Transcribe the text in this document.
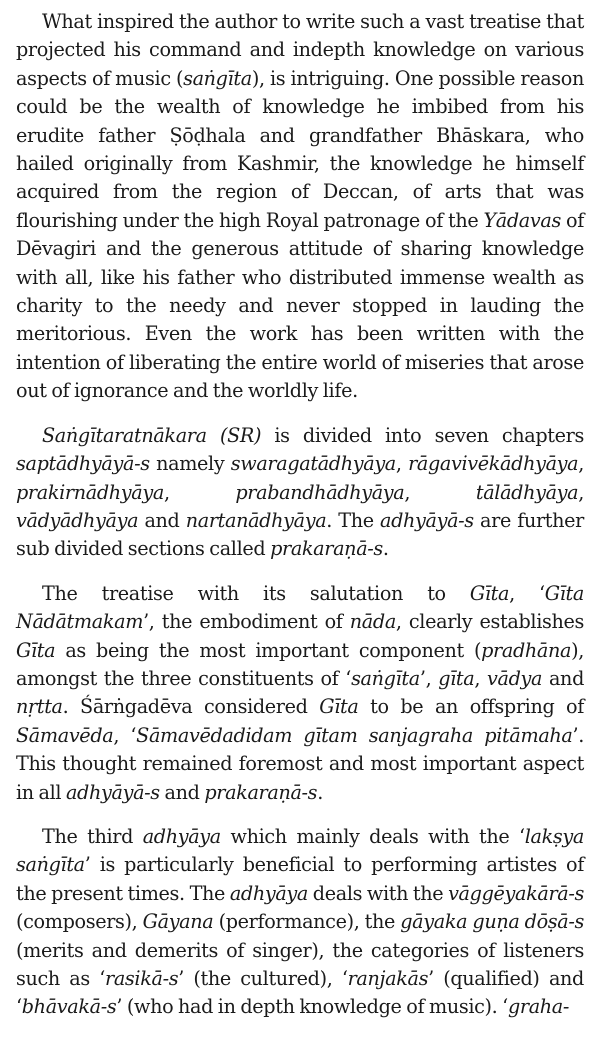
What inspired the author to write such a vast treatise that projected his command and indepth knowledge on various aspects of music (saṅgīta), is intriguing. One possible reason could be the wealth of knowledge he imbibed from his erudite father Ṣōḍhala and grandfather Bhāskara, who hailed originally from Kashmir, the knowledge he himself acquired from the region of Deccan, of arts that was flourishing under the high Royal patronage of the Yādavas of Dēvagiri and the generous attitude of sharing knowledge with all, like his father who distributed immense wealth as charity to the needy and never stopped in lauding the meritorious. Even the work has been written with the intention of liberating the entire world of miseries that arose out of ignorance and the worldly life.

Saṅgītaratnākara (SR) is divided into seven chapters saptādhyāyā-s namely swaragatādhyāya, rāgavivēkādhyāya, prakirnādhyāya, prabandhādhyāya, tālādhyāya, vādyādhyāya and nartanādhyāya. The adhyāyā-s are further sub divided sections called prakaraṇā-s.

The treatise with its salutation to Gīta, ‘Gīta Nādātmakam’, the embodiment of nāda, clearly establishes Gīta as being the most important component (pradhāna), amongst the three constituents of ‘saṅgīta’, gīta, vādya and nṛtta. Śārṅgadēva considered Gīta to be an offspring of Sāmavēda, ‘Sāmavēdadidam gītam sanjagraha pitāmaha’. This thought remained foremost and most important aspect in all adhyāyā-s and prakaraṇā-s.

The third adhyāya which mainly deals with the ‘lakṣya saṅgīta’ is particularly beneficial to performing artistes of the present times. The adhyāya deals with the vāggēyakārā-s (composers), Gāyana (performance), the gāyaka guṇa dōṣā-s (merits and demerits of singer), the categories of listeners such as ‘rasikā-s’ (the cultured), ‘ranjakās’ (qualified) and ‘bhāvakā-s’ (who had in depth knowledge of music). ‘graha-
